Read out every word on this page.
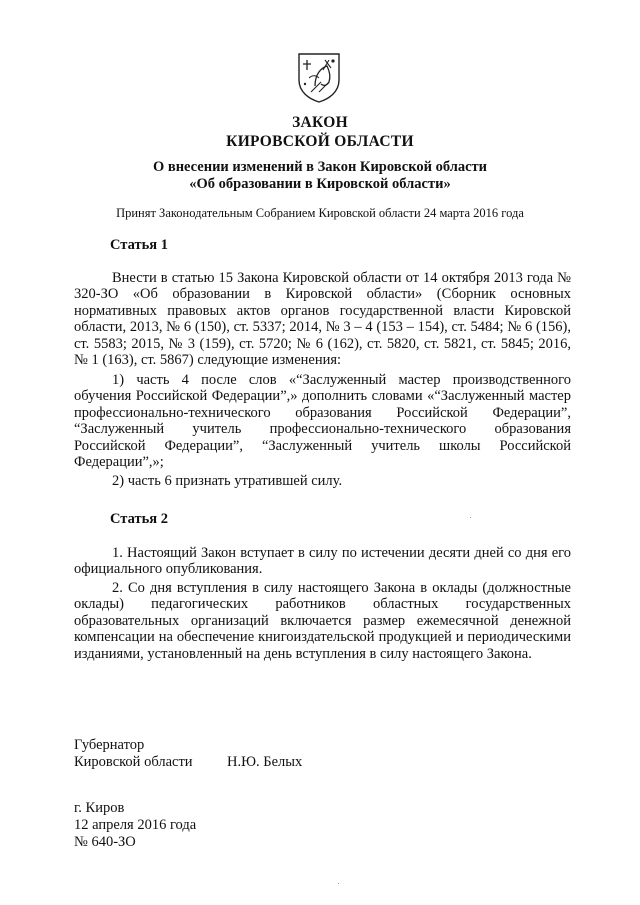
ЗАКОН
КИРОВСКОЙ ОБЛАСТИ
О внесении изменений в Закон Кировской области
«Об образовании в Кировской области»
Принят Законодательным Собранием Кировской области 24 марта 2016 года
Статья 1
Внести в статью 15 Закона Кировской области от 14 октября 2013 года № 320-ЗО «Об образовании в Кировской области» (Сборник основных нормативных правовых актов органов государственной власти Кировской области, 2013, № 6 (150), ст. 5337; 2014, № 3 – 4 (153 – 154), ст. 5484; № 6 (156), ст. 5583; 2015, № 3 (159), ст. 5720; № 6 (162), ст. 5820, ст. 5821, ст. 5845; 2016, № 1 (163), ст. 5867) следующие изменения:
1) часть 4 после слов «“Заслуженный мастер производственного обучения Российской Федерации”,» дополнить словами «“Заслуженный мастер профессионально-технического образования Российской Федерации”, “Заслуженный учитель профессионально-технического образования Российской Федерации”, “Заслуженный учитель школы Российской Федерации”,»;
2) часть 6 признать утратившей силу.
Статья 2
1. Настоящий Закон вступает в силу по истечении десяти дней со дня его официального опубликования.
2. Со дня вступления в силу настоящего Закона в оклады (должностные оклады) педагогических работников областных государственных образовательных организаций включается размер ежемесячной денежной компенсации на обеспечение книгоиздательской продукцией и периодическими изданиями, установленный на день вступления в силу настоящего Закона.
Губернатор
Кировской области Н.Ю. Белых
г. Киров
12 апреля 2016 года
№ 640-ЗО
